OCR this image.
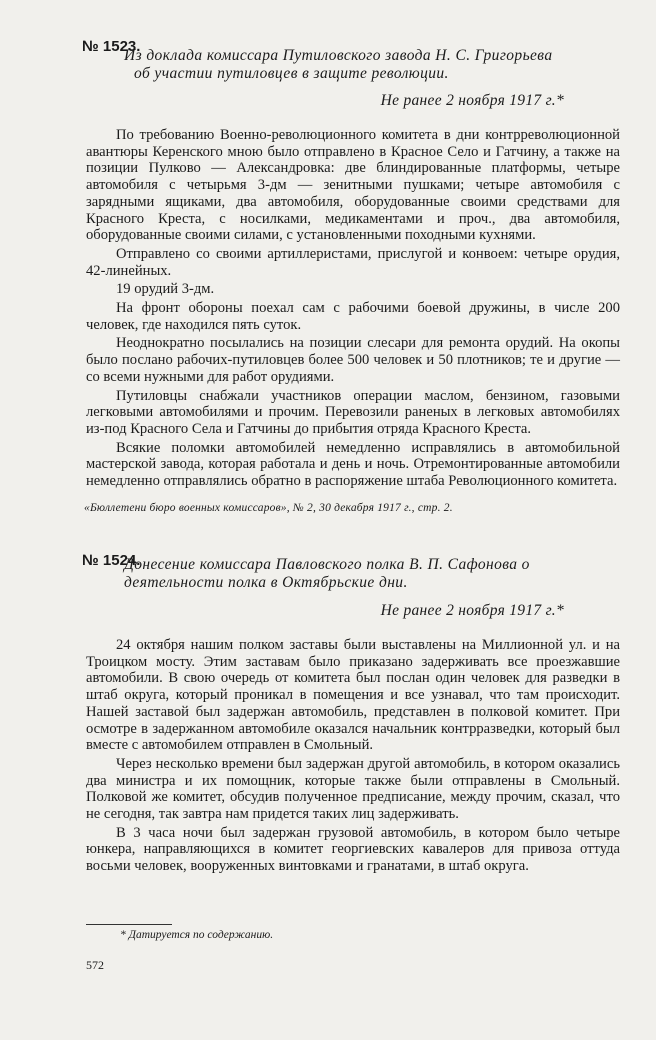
№ 1523.
Из доклада комиссара Путиловского завода Н. С. Григорьева
об участии путиловцев в защите революции.
Не ранее 2 ноября 1917 г.*

По требованию Военно-революционного комитета в дни контрреволюционной авантюры Керенского мною было отправлено в Красное Село и Гатчину, а также на позиции Пулково — Александровка: две блиндированные платформы, четыре автомобиля с четырьмя 3-дм — зенитными пушками; четыре автомобиля с зарядными ящиками, два автомобиля, оборудованные своими средствами для Красного Креста, с носилками, медикаментами и проч., два автомобиля, оборудованные своими силами, с установленными походными кухнями.

Отправлено со своими артиллеристами, прислугой и конвоем: четыре орудия, 42-линейных.

19 орудий 3-дм.

На фронт обороны поехал сам с рабочими боевой дружины, в числе 200 человек, где находился пять суток.

Неоднократно посылались на позиции слесари для ремонта орудий. На окопы было послано рабочих-путиловцев более 500 человек и 50 плотников; те и другие — со всеми нужными для работ орудиями.

Путиловцы снабжали участников операции маслом, бензином, газовыми легковыми автомобилями и прочим. Перевозили раненых в легковых автомобилях из-под Красного Села и Гатчины до прибытия отряда Красного Креста.

Всякие поломки автомобилей немедленно исправлялись в автомобильной мастерской завода, которая работала и день и ночь. Отремонтированные автомобили немедленно отправлялись обратно в распоряжение штаба Революционного комитета.

«Бюллетени бюро военных комиссаров», № 2, 30 декабря 1917 г., стр. 2.
№ 1524.
Донесение комиссара Павловского полка В. П. Сафонова о деятельности полка в Октябрьские дни.
Не ранее 2 ноября 1917 г.*

24 октября нашим полком заставы были выставлены на Миллионной ул. и на Троицком мосту. Этим заставам было приказано задерживать все проезжавшие автомобили. В свою очередь от комитета был послан один человек для разведки в штаб округа, который проникал в помещения и все узнавал, что там происходит. Нашей заставой был задержан автомобиль, представлен в полковой комитет. При осмотре в задержанном автомобиле оказался начальник контрразведки, который был вместе с автомобилем отправлен в Смольный.

Через несколько времени был задержан другой автомобиль, в котором оказались два министра и их помощник, которые также были отправлены в Смольный. Полковой же комитет, обсудив полученное предписание, между прочим, сказал, что не сегодня, так завтра нам придется таких лиц задерживать.

В 3 часа ночи был задержан грузовой автомобиль, в котором было четыре юнкера, направляющихся в комитет георгиевских кавалеров для привоза оттуда восьми человек, вооруженных винтовками и гранатами, в штаб округа.

* Датируется по содержанию.
572
